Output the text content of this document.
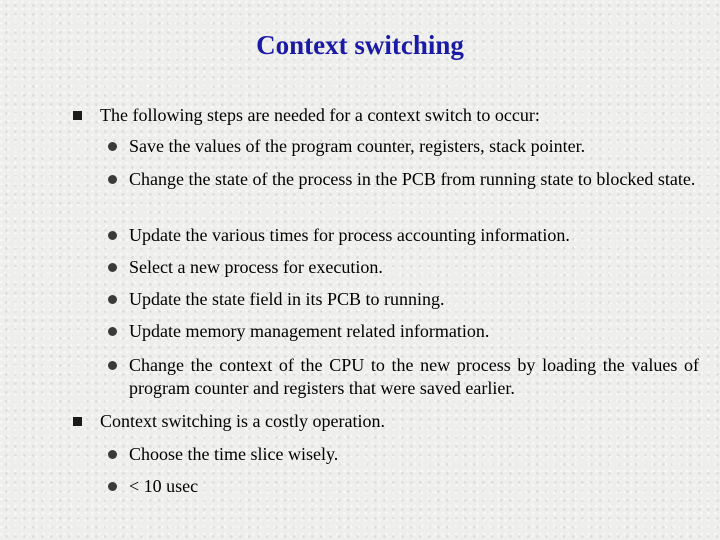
Context switching
The following steps are needed for a context switch to occur:
Save the values of the program counter, registers, stack pointer.
Change the state of the process in the PCB from running state to blocked state.
Update the various times for process accounting information.
Select a new process for execution.
Update the state field in its PCB to running.
Update memory management related information.
Change the context of the CPU to the new process by loading the values of program counter and registers that were saved earlier.
Context switching is a costly operation.
Choose the time slice wisely.
< 10 usec
